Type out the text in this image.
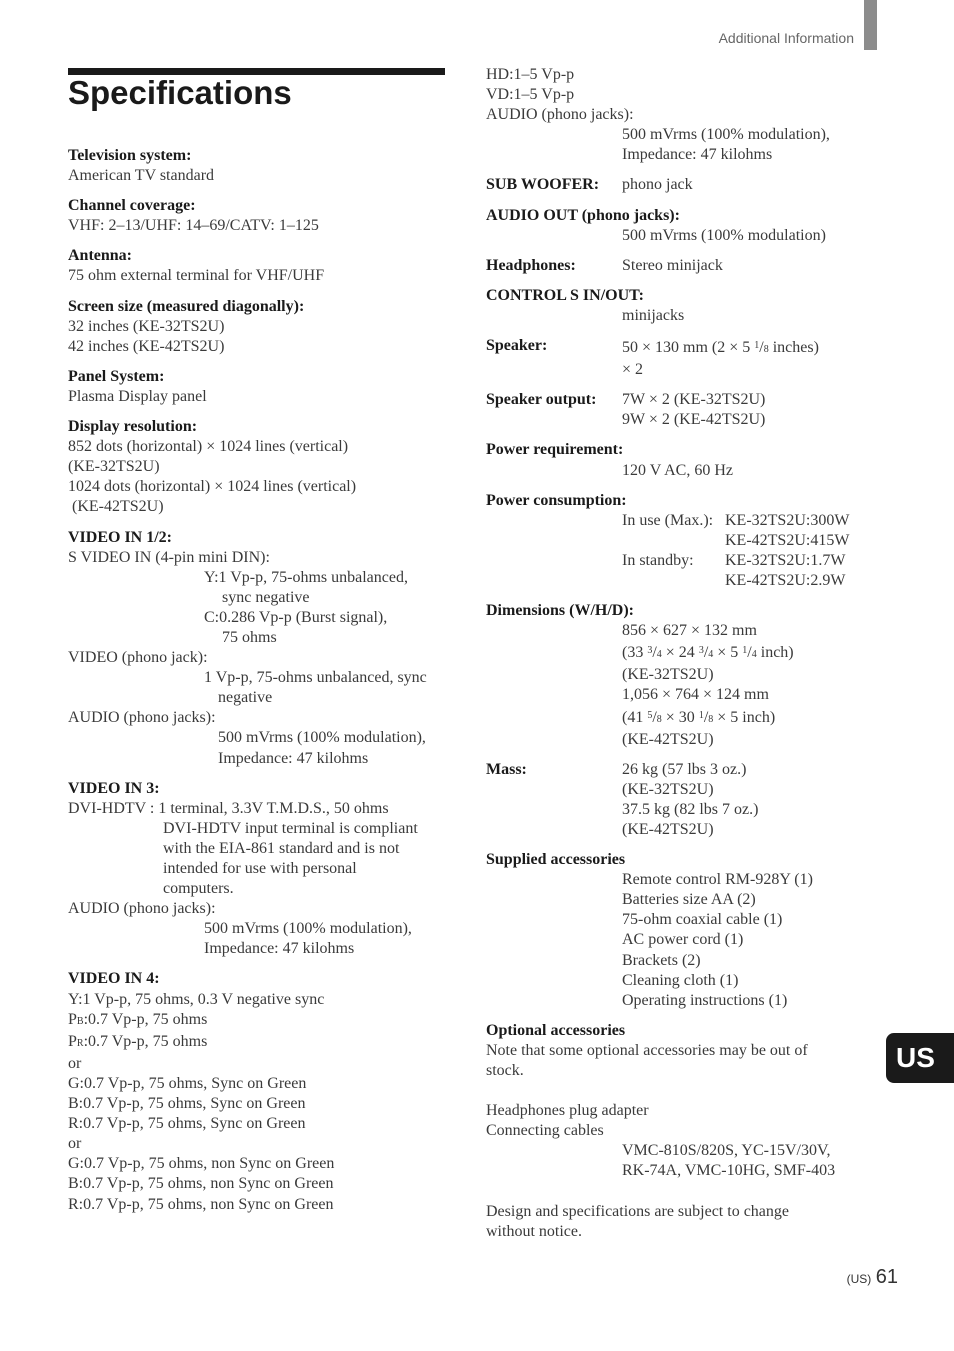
Additional Information
Specifications

Television system:

American TV standard

Channel coverage:

VHF: 2–13/UHF: 14–69/CATV: 1–125

Antenna:

75 ohm external terminal for VHF/UHF

Screen size (measured diagonally):

32 inches (KE-32TS2U)

42 inches (KE-42TS2U)

Panel System:

Plasma Display panel

Display resolution:

852 dots (horizontal) × 1024 lines (vertical)

(KE-32TS2U)

1024 dots (horizontal) × 1024 lines (vertical)

(KE-42TS2U)

VIDEO IN 1/2:

S VIDEO IN (4-pin mini DIN):

Y:1 Vp-p, 75-ohms unbalanced,

sync negative

C:0.286 Vp-p (Burst signal),

75 ohms

VIDEO (phono jack):

1 Vp-p, 75-ohms unbalanced, sync

negative

AUDIO (phono jacks):

500 mVrms (100% modulation),

Impedance: 47 kilohms

VIDEO IN 3:

DVI-HDTV : 1 terminal, 3.3V T.M.D.S., 50 ohms

DVI-HDTV input terminal is compliant

with the EIA-861 standard and is not

intended for use with personal

computers.

AUDIO (phono jacks):

500 mVrms (100% modulation),

Impedance: 47 kilohms

VIDEO IN 4:

Y:1 Vp-p, 75 ohms, 0.3 V negative sync

PB:0.7 Vp-p, 75 ohms

PR:0.7 Vp-p, 75 ohms

or

G:0.7 Vp-p, 75 ohms, Sync on Green

B:0.7 Vp-p, 75 ohms, Sync on Green

R:0.7 Vp-p, 75 ohms, Sync on Green

or

G:0.7 Vp-p, 75 ohms, non Sync on Green

B:0.7 Vp-p, 75 ohms, non Sync on Green

R:0.7 Vp-p, 75 ohms, non Sync on Green

HD:1–5 Vp-p

VD:1–5 Vp-p

AUDIO (phono jacks):

500 mVrms (100% modulation),

Impedance: 47 kilohms

SUB WOOFER:	phono jack

AUDIO OUT (phono jacks):

500 mVrms (100% modulation)

Headphones:	Stereo minijack

CONTROL S IN/OUT:

minijacks

Speaker:	50 × 130 mm (2 × 5 $^1$/8 inches)
× 2
Speaker output:	7W × 2 (KE-32TS2U)
9W × 2 (KE-42TS2U)

Power requirement:

120 V AC, 60 Hz

Power consumption:

In use (Max.): KE-32TS2U:300W
KE-42TS2U:415W
In standby:	KE-32TS2U:1.7W
KE-42TS2U:2.9W

Dimensions (W/H/D):

856 × 627 × 132 mm

(33 $^3$/4 × 24 $^3$/4 × 5 $^1$/4 inch)

(KE-32TS2U)

1,056 × 764 × 124 mm

(41 $^5$/8 × 30 $^1$/8 × 5 inch)

(KE-42TS2U)

Mass:	26 kg (57 lbs 3 oz.)
(KE-32TS2U)
37.5 kg (82 lbs 7 oz.)
(KE-42TS2U)

Supplied accessories

Remote control RM-928Y (1)

Batteries size AA (2)

75-ohm coaxial cable (1)

AC power cord (1)

Brackets (2)

Cleaning cloth (1)

Operating instructions (1)

Optional accessories

Note that some optional accessories may be out of

stock.

Headphones plug adapter

Connecting cables

VMC-810S/820S, YC-15V/30V,

RK-74A, VMC-10HG, SMF-403

Design and specifications are subject to change

without notice.

US
(US) 61
